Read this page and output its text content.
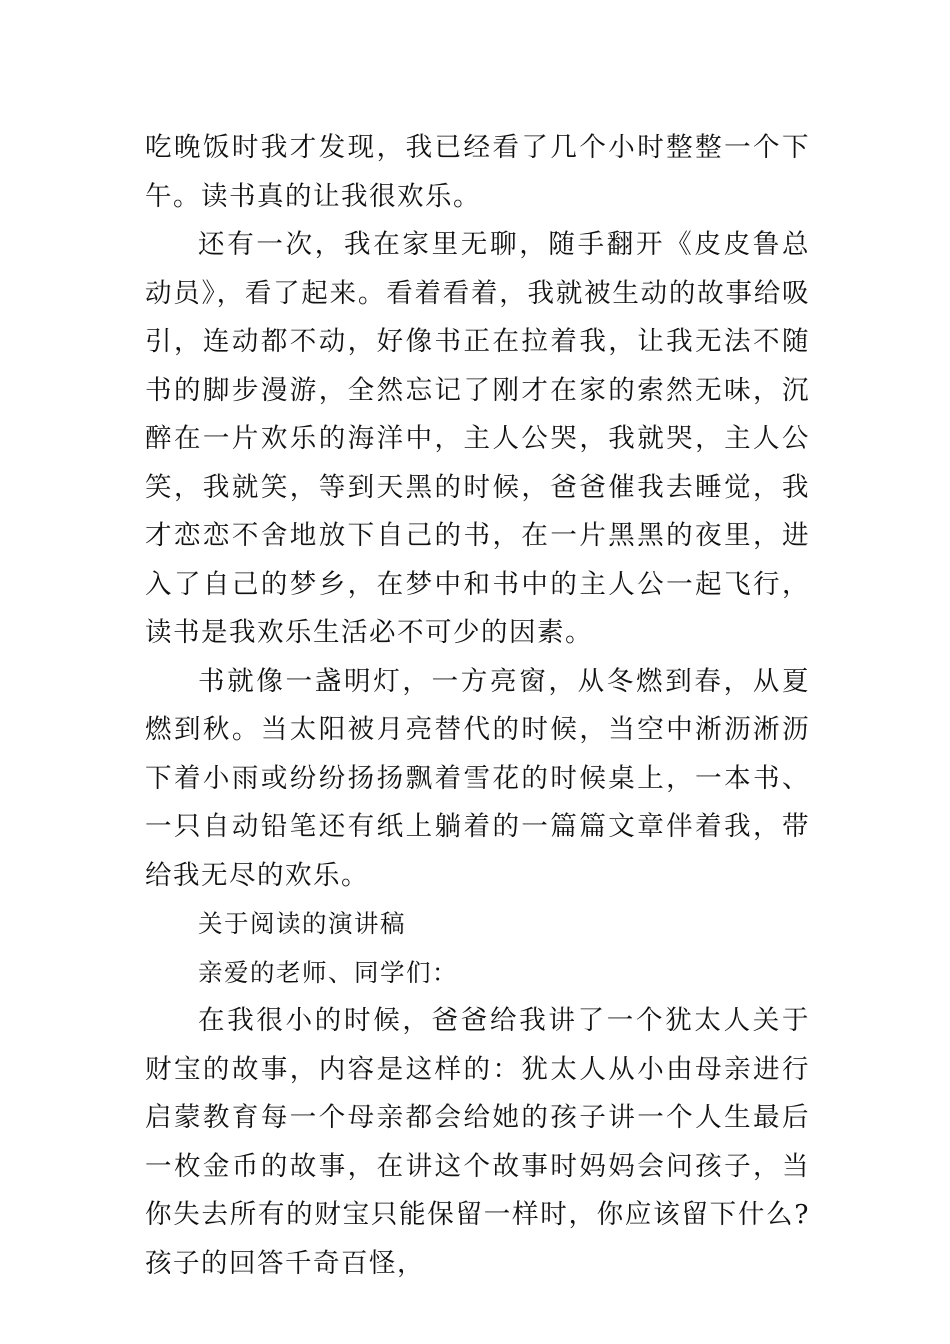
吃晚饭时我才发现，我已经看了几个小时整整一个下午。读书真的让我很欢乐。

还有一次，我在家里无聊，随手翻开《皮皮鲁总动员》，看了起来。看着看着，我就被生动的故事给吸引，连动都不动，好像书正在拉着我，让我无法不随书的脚步漫游，全然忘记了刚才在家的索然无味，沉醉在一片欢乐的海洋中，主人公哭，我就哭，主人公笑，我就笑，等到天黑的时候，爸爸催我去睡觉，我才恋恋不舍地放下自己的书，在一片黑黑的夜里，进入了自己的梦乡，在梦中和书中的主人公一起飞行，读书是我欢乐生活必不可少的因素。

书就像一盏明灯，一方亮窗，从冬燃到春，从夏燃到秋。当太阳被月亮替代的时候，当空中淅沥淅沥下着小雨或纷纷扬扬飘着雪花的时候桌上，一本书、一只自动铅笔还有纸上躺着的一篇篇文章伴着我，带给我无尽的欢乐。

关于阅读的演讲稿

亲爱的老师、同学们：

在我很小的时候，爸爸给我讲了一个犹太人关于财宝的故事，内容是这样的：犹太人从小由母亲进行启蒙教育每一个母亲都会给她的孩子讲一个人生最后一枚金币的故事，在讲这个故事时妈妈会问孩子，当你失去所有的财宝只能保留一样时，你应该留下什么?孩子的回答千奇百怪，
